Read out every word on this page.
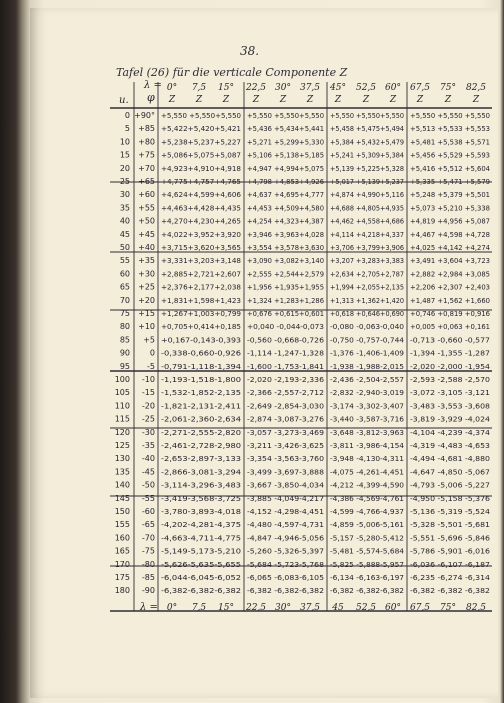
38.
Tafel (26) für die verticale Componente Z
λ =
φ
u.
0° 7,5 15° 22,5 30° 37,5 45° 52,5 60° 67,5 75° 82,5
Z Z Z	Z Z Z Z Z Z Z Z Z
0 +90° +5,550 +5,550+5,550 +5,550 +5,550+5,550 +5,550 +5,550+5,550 +5,550 +5,550 +5,550
5 +85 +5,422+5,420+5,421 +5,436 +5,434+5,441 +5,458 +5,475+5,494 +5,513 +5,533 +5,553
10 +80 +5,238+5,237+5,227 +5,271 +5,299+5,330 +5,384 +5,432+5,479 +5,481 +5,538 +5,571
15 +75 +5,086+5,075+5,087 +5,106 +5,138+5,185 +5,241 +5,309+5,384 +5,456 +5,529 +5,593
20 +70 +4,923+4,910+4,918 +4,947 +4,994+5,075 +5,139 +5,225+5,328 +5,416 +5,512 +5,604
25 +65 +4,775+4,757+4,765 +4,798 +4,853+4,926 +5,017 +5,139+5,237 +5,335 +5,471 +5,579
30 +60 +4,624+4,599+4,606 +4,637 +4,695+4,777 +4,874 +4,990+5,116 +5,248 +5,379 +5,501
35 +55 +4,463+4,428+4,435 +4,453 +4,509+4,580 +4,688 +4,805+4,935 +5,073 +5,210 +5,338
40 +50 +4,270+4,230+4,265 +4,254 +4,323+4,387 +4,462 +4,558+4,686 +4,819 +4,956 +5,087
45 +45 +4,022+3,952+3,920 +3,946 +3,963+4,028 +4,114 +4,218+4,337 +4,467 +4,598 +4,728
50 +40 +3,715+3,620+3,565 +3,554 +3,578+3,630 +3,706 +3,799+3,906 +4,025 +4,142 +4,274
55 +35 +3,331+3,203+3,148 +3,090 +3,082+3,140 +3,207 +3,283+3,383 +3,491 +3,604 +3,723
60 +30 +2,885+2,721+2,607 +2,555 +2,544+2,579 +2,634 +2,705+2,787 +2,882 +2,984 +3,085
65 +25 +2,376+2,177+2,038 +1,956 +1,935+1,955 +1,994 +2,055+2,135 +2,206 +2,307 +2,403
70 +20 +1,831+1,598+1,423 +1,324 +1,283+1,286 +1,313 +1,362+1,420 +1,487 +1,562 +1,660
75 +15 +1,267+1,003+0,799 +0,676 +0,615+0,601 +0,618 +0,646+0,690 +0,746 +0,819 +0,916
80 +10 +0,705+0,414+0,185 +0,040 -0,044-0,073 -0,080 -0,063-0,040 +0,005 +0,063 +0,161
85 +5 +0,167-0,143-0,393 -0,560 -0,668-0,726 -0,750 -0,757-0,744 -0,713 -0,660 -0,577
90 0 -0,338-0,660-0,926 -1,114 -1,247-1,328 -1,376 -1,406-1,409 -1,394 -1,355 -1,287
95 -5 -0,791-1,118-1,394 -1,600 -1,753-1,841 -1,938 -1,988-2,015 -2,020 -2,000 -1,954
100 -10 -1,193-1,518-1,800 -2,020 -2,193-2,336 -2,436 -2,504-2,557 -2,593 -2,588 -2,570
105 -15 -1,532-1,852-2,135 -2,366 -2,557-2,712 -2,832 -2,940-3,019 -3,072 -3,105 -3,121
110 -20 -1,821-2,131-2,411 -2,649 -2,854-3,030 -3,174 -3,302-3,407 -3,483 -3,553 -3,608
115 -25 -2,061-2,360-2,634 -2,874 -3,087-3,276 -3,440 -3,587-3,716 -3,819 -3,929 -4,024
120 -30 -2,271-2,555-2,820 -3,057 -3,273-3,469 -3,648 -3,812-3,963 -4,104 -4,239 -4,374
125 -35 -2,461-2,728-2,980 -3,211 -3,426-3,625 -3,811 -3,986-4,154 -4,319 -4,483 -4,653
130 -40 -2,653-2,897-3,133 -3,354 -3,563-3,760 -3,948 -4,130-4,311 -4,494 -4,681 -4,880
135 -45 -2,866-3,081-3,294 -3,499 -3,697-3,888 -4,075 -4,261-4,451 -4,647 -4,850 -5,067
140 -50 -3,114-3,296-3,483 -3,667 -3,850-4,034 -4,212 -4,399-4,590 -4,793 -5,006 -5,227
145 -55 -3,419-3,568-3,725 -3,885 -4,049-4,217 -4,386 -4,569-4,761 -4,950 -5,158 -5,376
150 -60 -3,780-3,893-4,018 -4,152 -4,298-4,451 -4,599 -4,766-4,937 -5,136 -5,319 -5,524
155 -65 -4,202-4,281-4,375 -4,480 -4,597-4,731 -4,859 -5,006-5,161 -5,328 -5,501 -5,681
160 -70 -4,663-4,711-4,775 -4,847 -4,946-5,056 -5,157 -5,280-5,412 -5,551 -5,696 -5,846
165 -75 -5,149-5,173-5,210 -5,260 -5,326-5,397 -5,481 -5,574-5,684 -5,786 -5,901 -6,016
170 -80 -5,626-5,635-5,655 -5,684 -5,723-5,768 -5,825 -5,888-5,957 -6,036 -6,107 -6,187
175 -85 -6,044-6,045-6,052 -6,065 -6,083-6,105 -6,134 -6,163-6,197 -6,235 -6,274 -6,314
180 -90 -6,382-6,382-6,382 -6,382 -6,382-6,382 -6,382 -6,382-6,382 -6,382 -6,382 -6,382
λ = 0° 7,5 15° 22,5 30° 37,5 45 52,5 60° 67,5 75° 82,5
